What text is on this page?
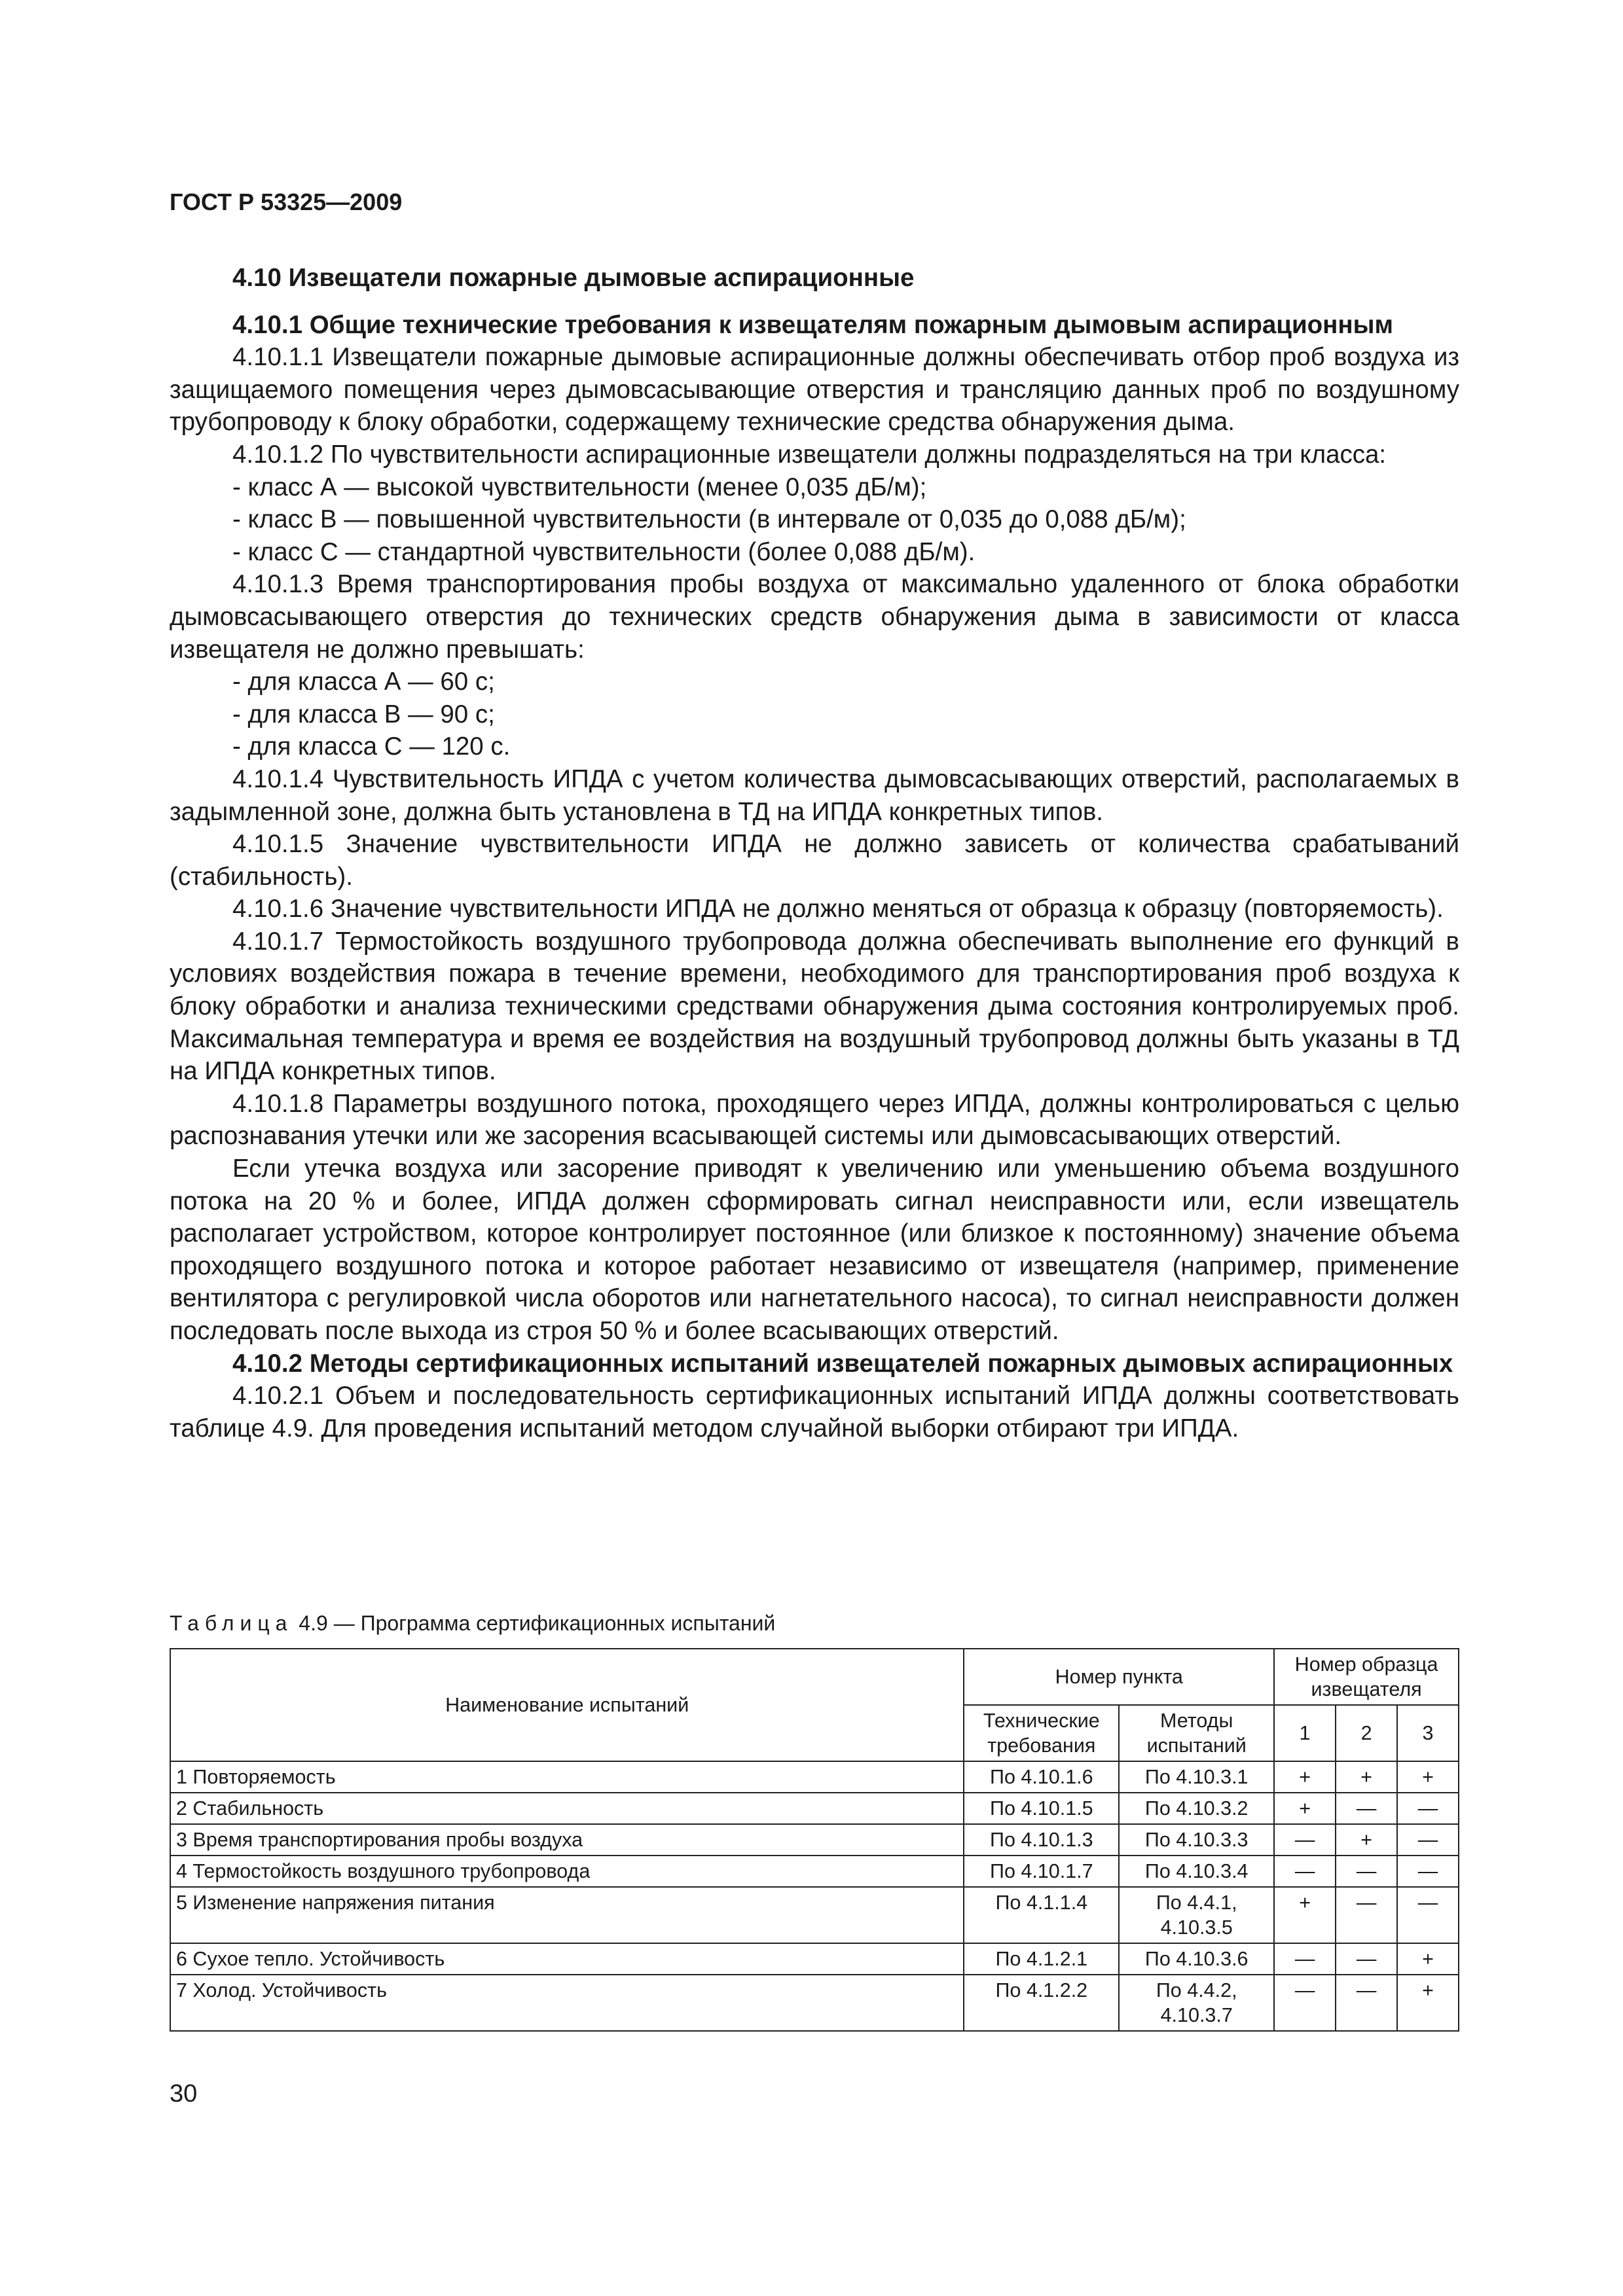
ГОСТ Р 53325—2009

4.10 Извещатели пожарные дымовые аспирационные

4.10.1 Общие технические требования к извещателям пожарным дымовым аспирационным

4.10.1.1 Извещатели пожарные дымовые аспирационные должны обеспечивать отбор проб воздуха из защищаемого помещения через дымовсасывающие отверстия и трансляцию данных проб по воздушному трубопроводу к блоку обработки, содержащему технические средства обнаружения дыма.

4.10.1.2 По чувствительности аспирационные извещатели должны подразделяться на три класса:

- класс А — высокой чувствительности (менее 0,035 дБ/м);

- класс В — повышенной чувствительности (в интервале от 0,035 до 0,088 дБ/м);

- класс С — стандартной чувствительности (более 0,088 дБ/м).

4.10.1.3 Время транспортирования пробы воздуха от максимально удаленного от блока обработки дымовсасывающего отверстия до технических средств обнаружения дыма в зависимости от класса извещателя не должно превышать:

- для класса А — 60 с;

- для класса В — 90 с;

- для класса С — 120 с.

4.10.1.4 Чувствительность ИПДА с учетом количества дымовсасывающих отверстий, располагаемых в задымленной зоне, должна быть установлена в ТД на ИПДА конкретных типов.

4.10.1.5 Значение чувствительности ИПДА не должно зависеть от количества срабатываний (стабильность).

4.10.1.6 Значение чувствительности ИПДА не должно меняться от образца к образцу (повторяемость).

4.10.1.7 Термостойкость воздушного трубопровода должна обеспечивать выполнение его функций в условиях воздействия пожара в течение времени, необходимого для транспортирования проб воздуха к блоку обработки и анализа техническими средствами обнаружения дыма состояния контролируемых проб. Максимальная температура и время ее воздействия на воздушный трубопровод должны быть указаны в ТД на ИПДА конкретных типов.

4.10.1.8 Параметры воздушного потока, проходящего через ИПДА, должны контролироваться с целью распознавания утечки или же засорения всасывающей системы или дымовсасывающих отверстий.

Если утечка воздуха или засорение приводят к увеличению или уменьшению объема воздушного потока на 20 % и более, ИПДА должен сформировать сигнал неисправности или, если извещатель располагает устройством, которое контролирует постоянное (или близкое к постоянному) значение объема проходящего воздушного потока и которое работает независимо от извещателя (например, применение вентилятора с регулировкой числа оборотов или нагнетательного насоса), то сигнал неисправности должен последовать после выхода из строя 50 % и более всасывающих отверстий.

4.10.2 Методы сертификационных испытаний извещателей пожарных дымовых аспирационных

4.10.2.1 Объем и последовательность сертификационных испытаний ИПДА должны соответствовать таблице 4.9. Для проведения испытаний методом случайной выборки отбирают три ИПДА.

Таблица 4.9 — Программа сертификационных испытаний
Наименование испытаний	Номер пункта		Номер образца извещателя		
	Технические требования	Методы испытаний	1	2	3
1 Повторяемость	По 4.10.1.6	По 4.10.3.1	+	+	+
2 Стабильность	По 4.10.1.5	По 4.10.3.2	+	—	—
3 Время транспортирования пробы воздуха	По 4.10.1.3	По 4.10.3.3	—	+	—
4 Термостойкость воздушного трубопровода	По 4.10.1.7	По 4.10.3.4	—	—	—
5 Изменение напряжения питания	По 4.1.1.4	По 4.4.1, 4.10.3.5	+	—	—
6 Сухое тепло. Устойчивость	По 4.1.2.1	По 4.10.3.6	—	—	+
7 Холод. Устойчивость	По 4.1.2.2	По 4.4.2, 4.10.3.7	—	—	+
30
